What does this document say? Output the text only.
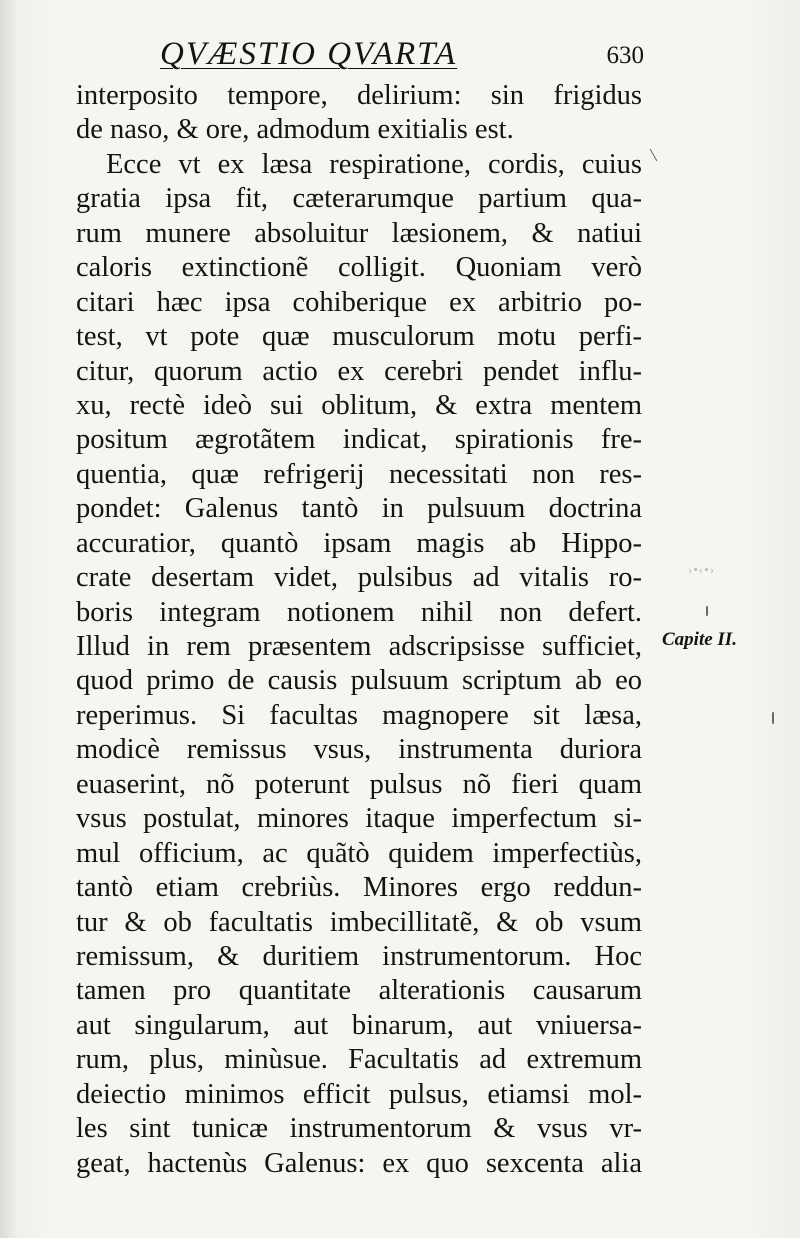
QVÆSTIO QVARTA	630
interposito tempore, delirium: sin frigidus
de naso, & ore, admodum exitialis est.
Ecce vt ex læsa respiratione, cordis, cuius
gratia ipsa fit, cæterarumque partium qua-
rum munere absoluitur læsionem, & natiui
caloris extinctionẽ colligit. Quoniam verò
citari hæc ipsa cohiberique ex arbitrio po-
test, vt pote quæ musculorum motu perfi-
citur, quorum actio ex cerebri pendet influ-
xu, rectè ideò sui oblitum, & extra mentem
positum ægrotãtem indicat, spirationis fre-
quentia, quæ refrigerij necessitati non res-
pondet: Galenus tantò in pulsuum doctrina
accuratior, quantò ipsam magis ab Hippo-
crate desertam videt, pulsibus ad vitalis ro-
boris integram notionem nihil non defert.
Illud in rem præsentem adscripsisse sufficiet,
quod primo de causis pulsuum scriptum ab eo
reperimus. Si facultas magnopere sit læsa,
modicè remissus vsus, instrumenta duriora
euaserint, nõ poterunt pulsus nõ fieri quam
vsus postulat, minores itaque imperfectum si-
mul officium, ac quãtò quidem imperfectiùs,
tantò etiam crebriùs. Minores ergo reddun-
tur & ob facultatis imbecillitatẽ, & ob vsum
remissum, & duritiem instrumentorum. Hoc
tamen pro quantitate alterationis causarum
aut singularum, aut binarum, aut vniuersa-
rum, plus, minùsue. Facultatis ad extremum
deiectio minimos efficit pulsus, etiamsi mol-
les sint tunicæ instrumentorum & vsus vr-
geat, hactenùs Galenus: ex quo sexcenta alia
›•‹•›
Capite II.
